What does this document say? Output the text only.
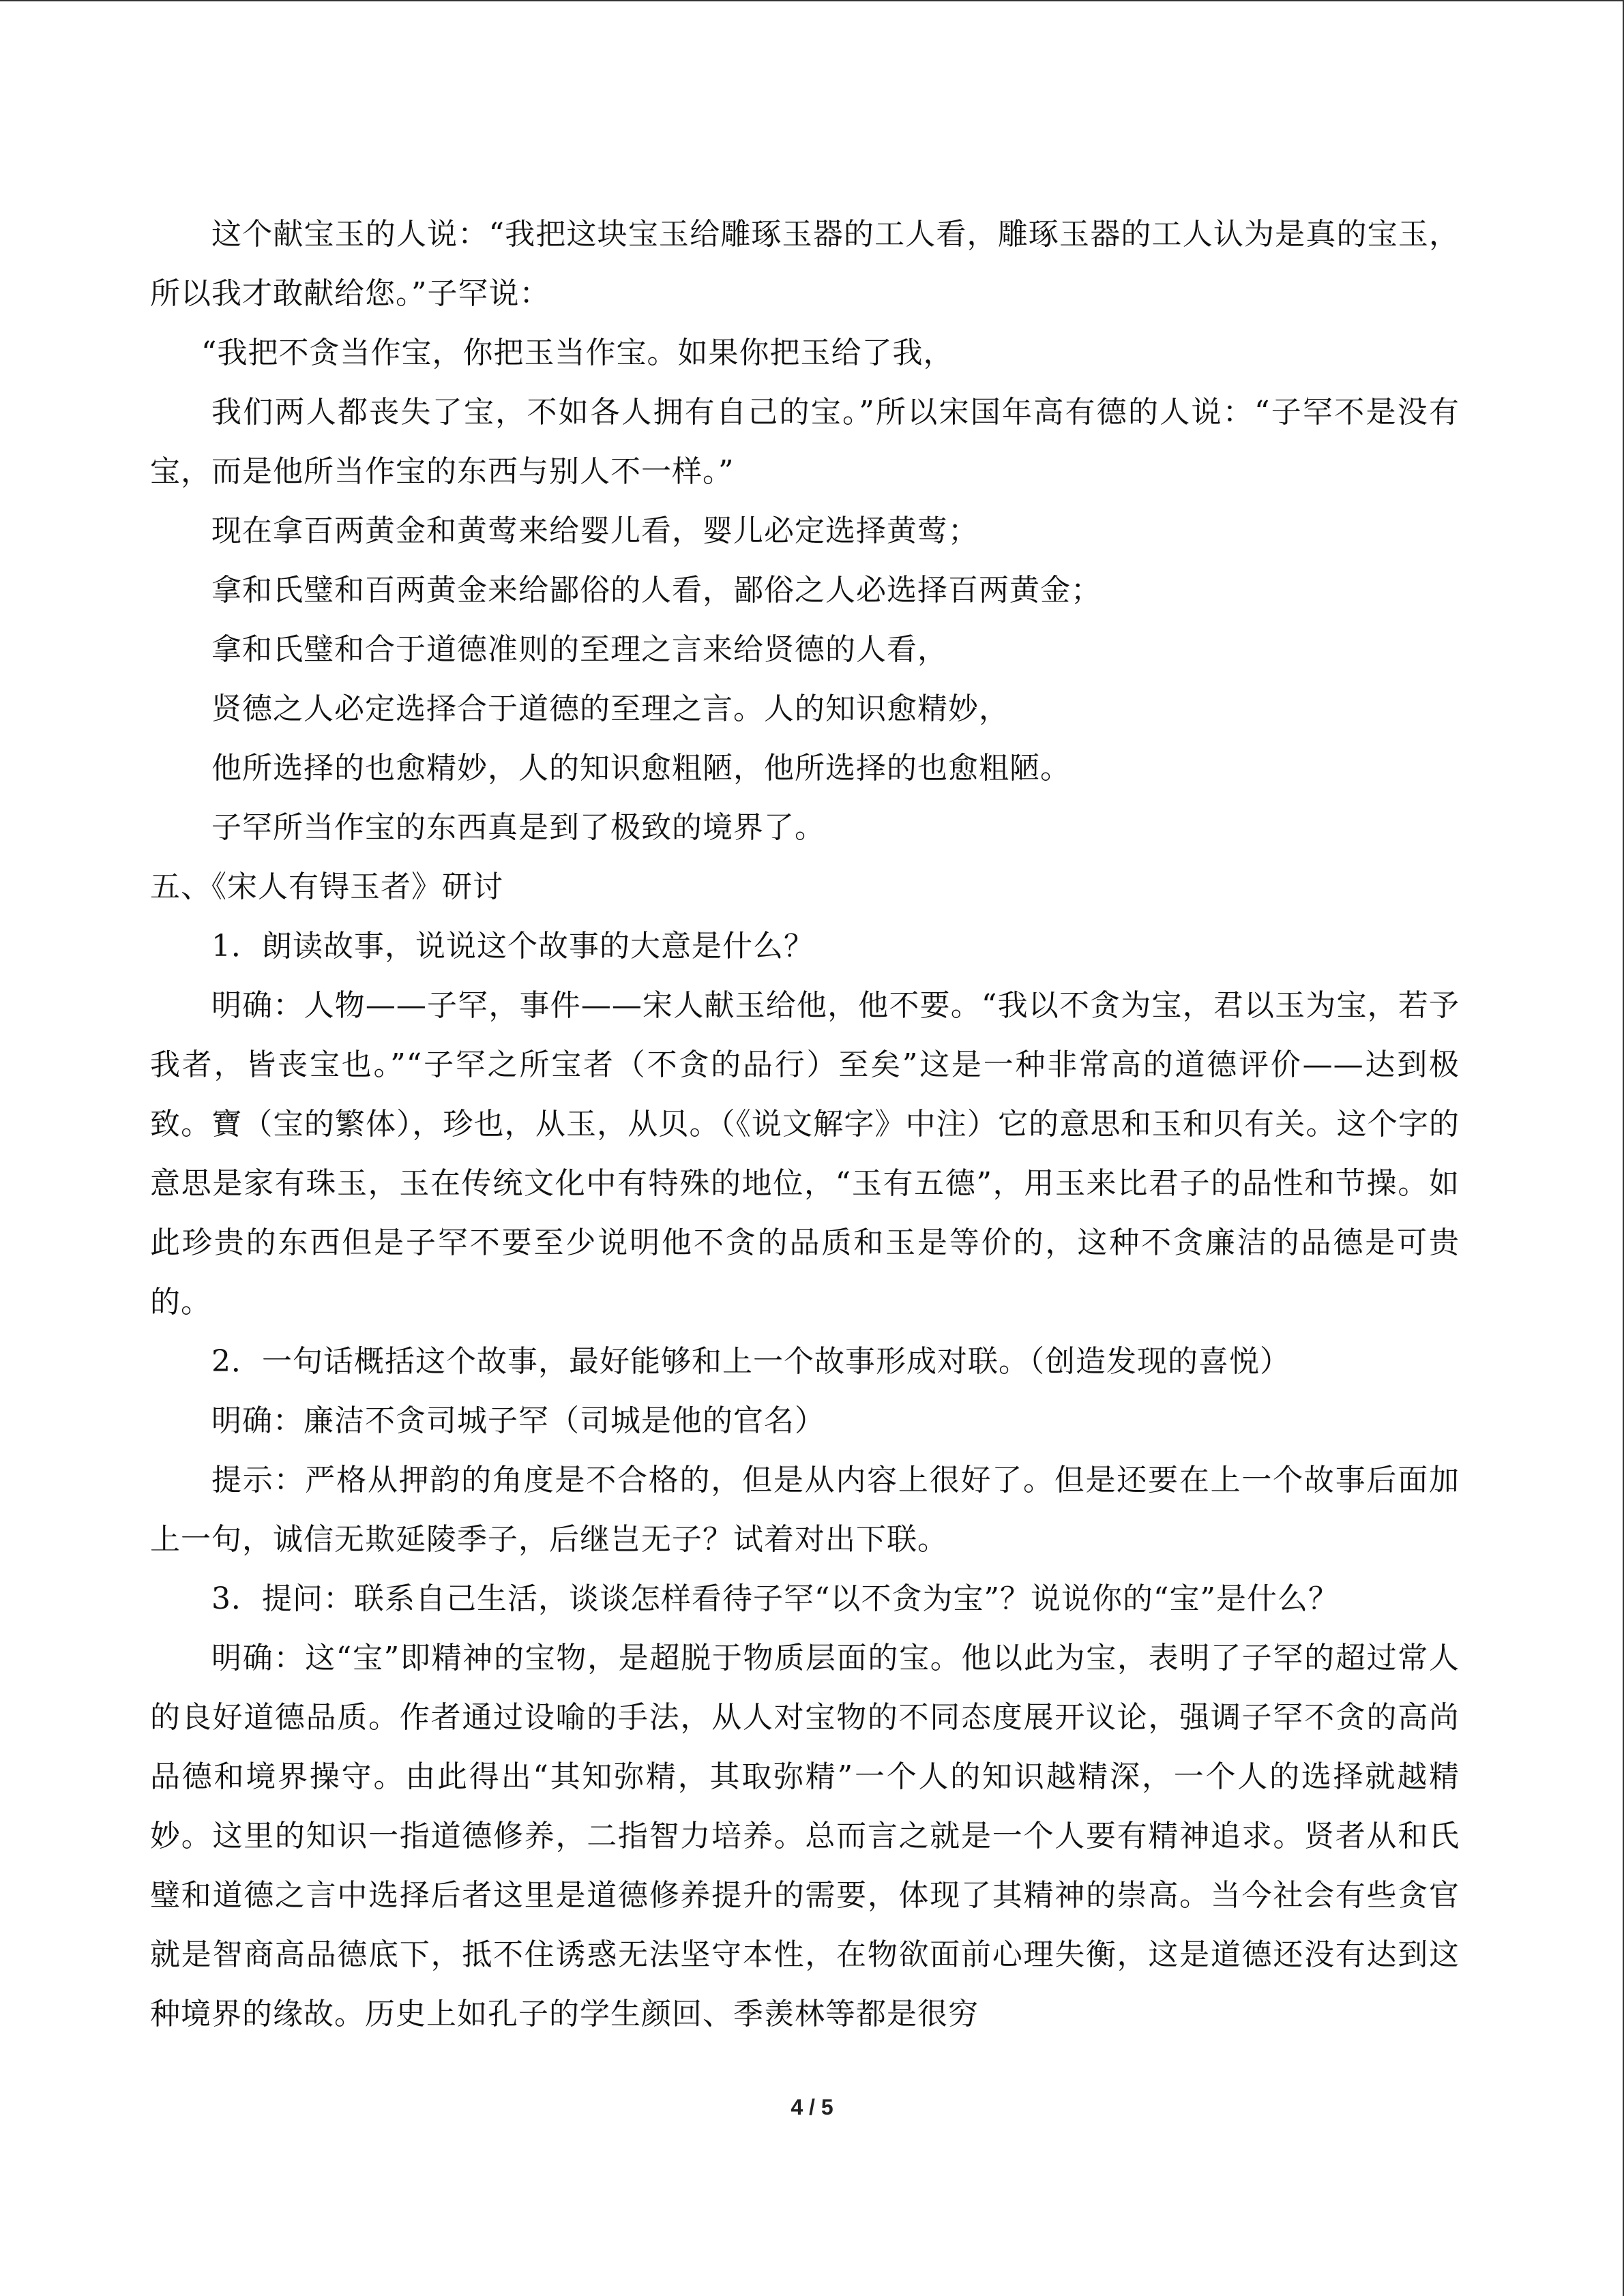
这个献宝玉的人说：“我把这块宝玉给雕琢玉器的工人看，雕琢玉器的工人认为是真的宝玉，所以我才敢献给您。”子罕说：

“我把不贪当作宝，你把玉当作宝。如果你把玉给了我，

我们两人都丧失了宝，不如各人拥有自己的宝。”所以宋国年高有德的人说：“子罕不是没有宝，而是他所当作宝的东西与别人不一样。”

现在拿百两黄金和黄莺来给婴儿看，婴儿必定选择黄莺；

拿和氏璧和百两黄金来给鄙俗的人看，鄙俗之人必选择百两黄金；

拿和氏璧和合于道德准则的至理之言来给贤德的人看，

贤德之人必定选择合于道德的至理之言。人的知识愈精妙，

他所选择的也愈精妙，人的知识愈粗陋，他所选择的也愈粗陋。

子罕所当作宝的东西真是到了极致的境界了。

五、《宋人有锝玉者》研讨

1．朗读故事，说说这个故事的大意是什么？

明确：人物——子罕，事件——宋人献玉给他，他不要。“我以不贪为宝，君以玉为宝，若予我者，皆丧宝也。”“子罕之所宝者（不贪的品行）至矣”这是一种非常高的道德评价——达到极致。寶（宝的繁体），珍也，从玉，从贝。（《说文解字》中注）它的意思和玉和贝有关。这个字的意思是家有珠玉，玉在传统文化中有特殊的地位，“玉有五德”，用玉来比君子的品性和节操。如此珍贵的东西但是子罕不要至少说明他不贪的品质和玉是等价的，这种不贪廉洁的品德是可贵的。

2．一句话概括这个故事，最好能够和上一个故事形成对联。（创造发现的喜悦）

明确：廉洁不贪司城子罕（司城是他的官名）

提示：严格从押韵的角度是不合格的，但是从内容上很好了。但是还要在上一个故事后面加上一句，诚信无欺延陵季子，后继岂无子？试着对出下联。

3．提问：联系自己生活，谈谈怎样看待子罕“以不贪为宝”？说说你的“宝”是什么？

明确：这“宝”即精神的宝物，是超脱于物质层面的宝。他以此为宝，表明了子罕的超过常人的良好道德品质。作者通过设喻的手法，从人对宝物的不同态度展开议论，强调子罕不贪的高尚品德和境界操守。由此得出“其知弥精，其取弥精”一个人的知识越精深，一个人的选择就越精妙。这里的知识一指道德修养，二指智力培养。总而言之就是一个人要有精神追求。贤者从和氏璧和道德之言中选择后者这里是道德修养提升的需要，体现了其精神的崇高。当今社会有些贪官就是智商高品德底下，抵不住诱惑无法坚守本性，在物欲面前心理失衡，这是道德还没有达到这种境界的缘故。历史上如孔子的学生颜回、季羡林等都是很穷

4 / 5
